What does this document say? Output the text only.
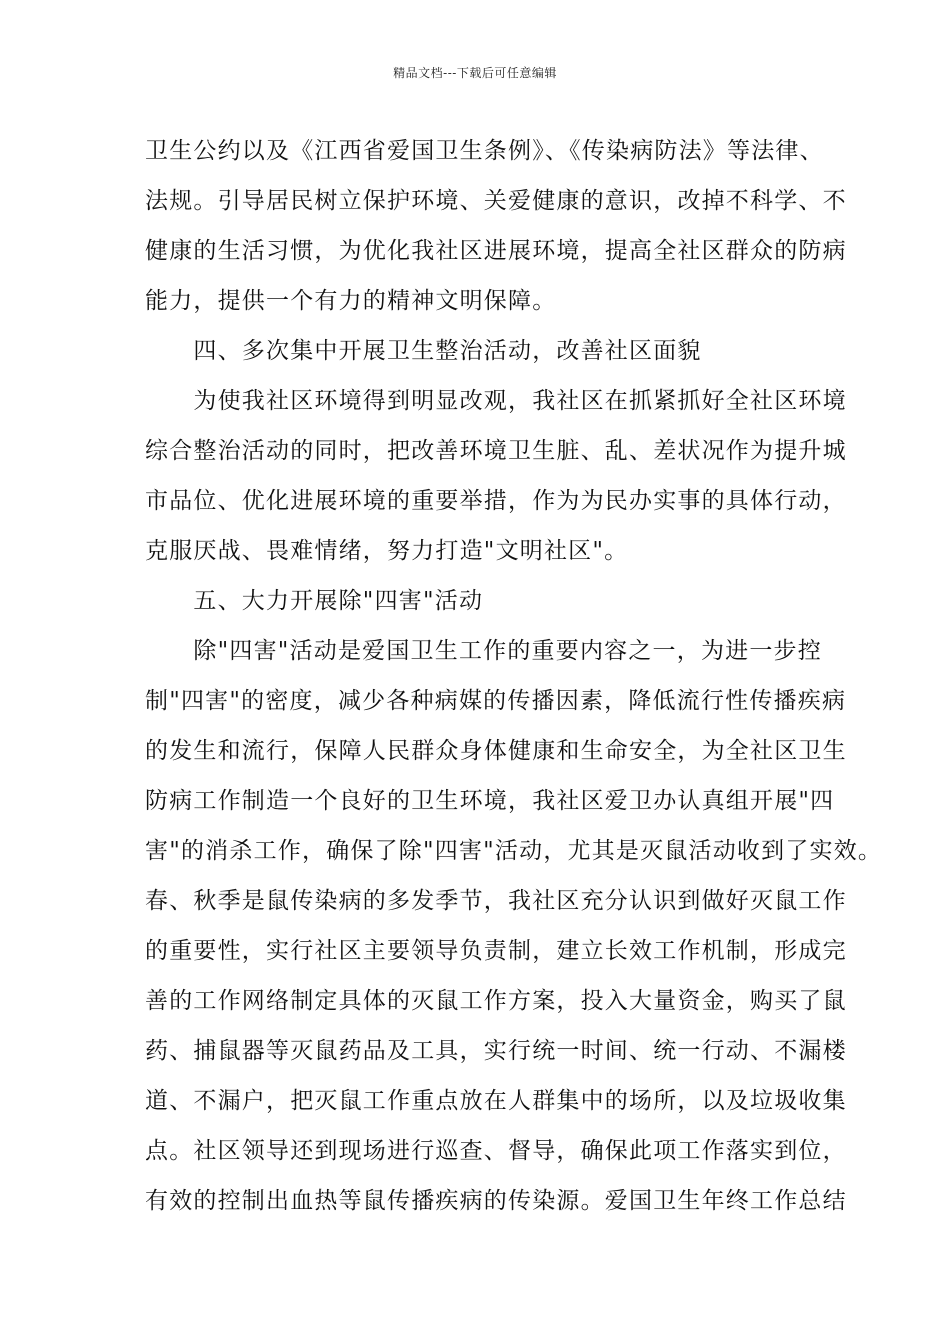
精品文档---下载后可任意编辑
卫生公约以及《江西省爱国卫生条例》、《传染病防法》等法律、
法规。引导居民树立保护环境、关爱健康的意识，改掉不科学、不
健康的生活习惯，为优化我社区进展环境，提高全社区群众的防病
能力，提供一个有力的精神文明保障。
　　四、多次集中开展卫生整治活动，改善社区面貌
　　为使我社区环境得到明显改观，我社区在抓紧抓好全社区环境
综合整治活动的同时，把改善环境卫生脏、乱、差状况作为提升城
市品位、优化进展环境的重要举措，作为为民办实事的具体行动，
克服厌战、畏难情绪，努力打造"文明社区"。
　　五、大力开展除"四害"活动
　　除"四害"活动是爱国卫生工作的重要内容之一，为进一步控
制"四害"的密度，减少各种病媒的传播因素，降低流行性传播疾病
的发生和流行，保障人民群众身体健康和生命安全，为全社区卫生
防病工作制造一个良好的卫生环境，我社区爱卫办认真组开展"四
害"的消杀工作，确保了除"四害"活动，尤其是灭鼠活动收到了实效。
春、秋季是鼠传染病的多发季节，我社区充分认识到做好灭鼠工作
的重要性，实行社区主要领导负责制，建立长效工作机制，形成完
善的工作网络制定具体的灭鼠工作方案，投入大量资金，购买了鼠
药、捕鼠器等灭鼠药品及工具，实行统一时间、统一行动、不漏楼
道、不漏户，把灭鼠工作重点放在人群集中的场所，以及垃圾收集
点。社区领导还到现场进行巡查、督导，确保此项工作落实到位，
有效的控制出血热等鼠传播疾病的传染源。爱国卫生年终工作总结
